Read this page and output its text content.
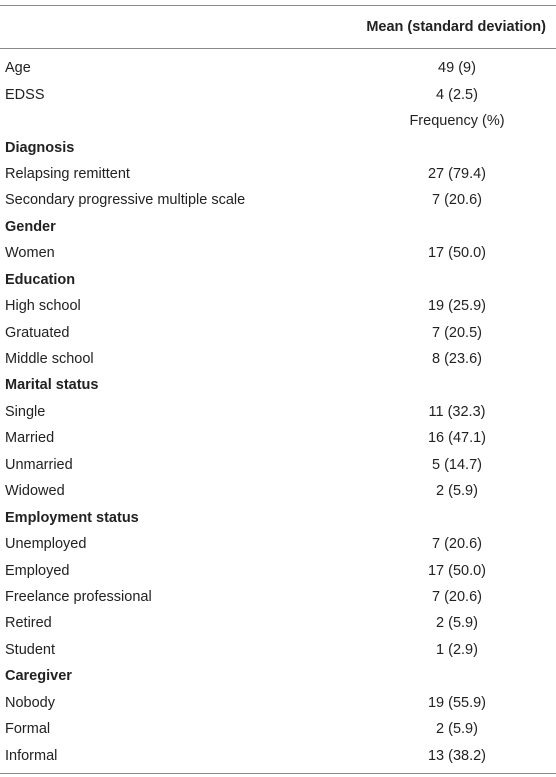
Mean (standard deviation)
Age	49 (9)
EDSS	4 (2.5)
Frequency (%)
Diagnosis
Relapsing remittent	27 (79.4)
Secondary progressive multiple scale	7 (20.6)
Gender
Women	17 (50.0)
Education
High school	19 (25.9)
Gratuated	7 (20.5)
Middle school	8 (23.6)
Marital status
Single	11 (32.3)
Married	16 (47.1)
Unmarried	5 (14.7)
Widowed	2 (5.9)
Employment status
Unemployed	7 (20.6)
Employed	17 (50.0)
Freelance professional	7 (20.6)
Retired	2 (5.9)
Student	1 (2.9)
Caregiver
Nobody	19 (55.9)
Formal	2 (5.9)
Informal	13 (38.2)
